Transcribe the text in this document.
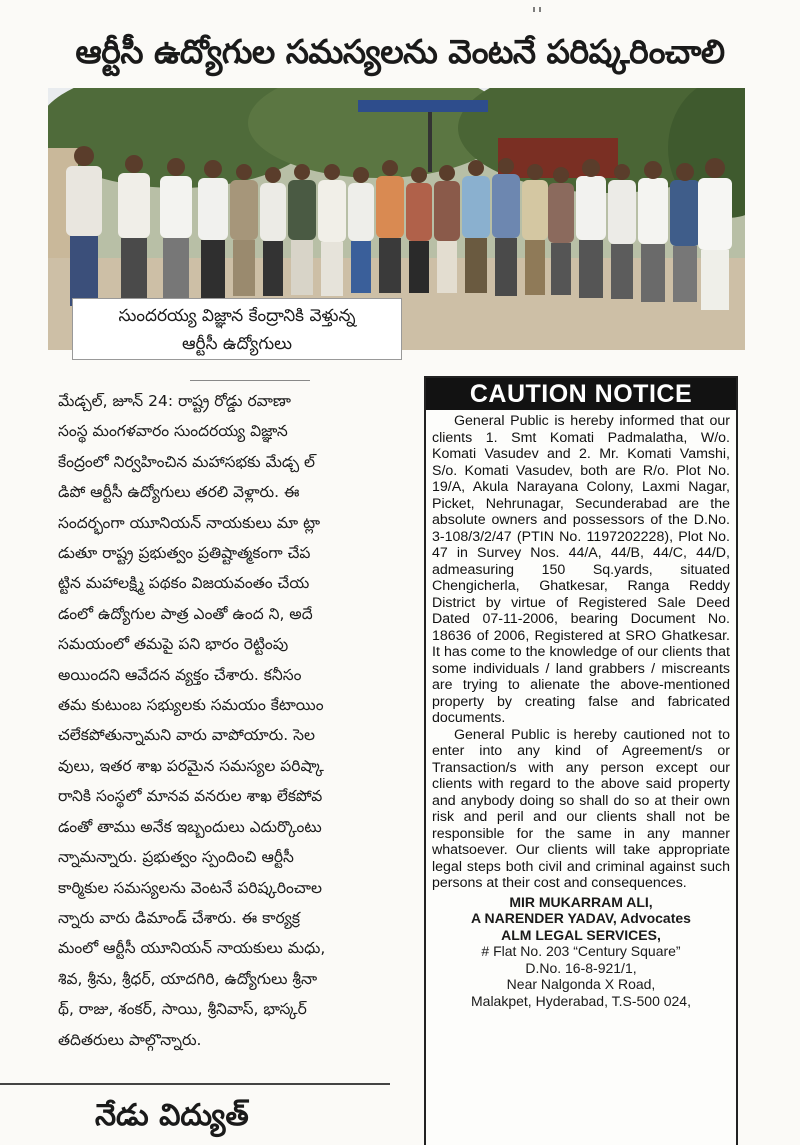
ఆర్టీసీ ఉద్యోగుల సమస్యలను వెంటనే పరిష్కరించాలి
సుందరయ్య విజ్ఞాన కేంద్రానికి వెళ్తున్న
ఆర్టీసీ ఉద్యోగులు

మేడ్చల్, జూన్ 24: రాష్ట్ర రోడ్డు రవాణా

సంస్థ మంగళవారం సుందరయ్య విజ్ఞాన

కేంద్రంలో నిర్వహించిన మహాసభకు మేడ్చ ల్

డిపో ఆర్టీసీ ఉద్యోగులు తరలి వెళ్లారు. ఈ

సందర్భంగా యూనియన్ నాయకులు మా ట్లా

డుతూ రాష్ట్ర ప్రభుత్వం ప్రతిష్టాత్మకంగా చేప

ట్టిన మహాలక్ష్మి పథకం విజయవంతం చేయ

డంలో ఉద్యోగుల పాత్ర ఎంతో ఉంద ని, అదే

సమయంలో తమపై పని భారం రెట్టింపు

అయిందని ఆవేదన వ్యక్తం చేశారు. కనీసం

తమ కుటుంబ సభ్యులకు సమయం కేటాయిం

చలేకపోతున్నామని వారు వాపోయారు. సెల

వులు, ఇతర శాఖ పరమైన సమస్యల పరిష్కా

రానికి సంస్థలో మానవ వనరుల శాఖ లేకపోవ

డంతో తాము అనేక ఇబ్బందులు ఎదుర్కొంటు

న్నామన్నారు. ప్రభుత్వం స్పందించి ఆర్టీసీ

కార్మికుల సమస్యలను వెంటనే పరిష్కరించాల

న్నారు వారు డిమాండ్ చేశారు. ఈ కార్యక్ర

మంలో ఆర్టీసీ యూనియన్ నాయకులు మధు,

శివ, శ్రీను, శ్రీధర్, యాదగిరి, ఉద్యోగులు శ్రీనా

థ్, రాజు, శంకర్, సాయి, శ్రీనివాస్, భాస్కర్

తదితరులు పాల్గొన్నారు.

నేడు విద్యుత్
CAUTION NOTICE

General Public is hereby informed that our clients 1. Smt Komati Padmalatha, W/o. Komati Vasudev and 2. Mr. Komati Vamshi, S/o. Komati Vasudev, both are R/o. Plot No. 19/A, Akula Narayana Colony, Laxmi Nagar, Picket, Nehrunagar, Secunderabad are the absolute owners and possessors of the D.No. 3-108/3/2/47 (PTIN No. 1197202228), Plot No. 47 in Survey Nos. 44/A, 44/B, 44/C, 44/D, admeasuring 150 Sq.yards, situated Chengicherla, Ghatkesar, Ranga Reddy District by virtue of Registered Sale Deed Dated 07-11-2006, bearing Document No. 18636 of 2006, Registered at SRO Ghatkesar. It has come to the knowledge of our clients that some individuals / land grabbers / miscreants are trying to alienate the above-mentioned property by creating false and fabricated documents.

General Public is hereby cautioned not to enter into any kind of Agreement/s or Transaction/s with any person except our clients with regard to the above said property and anybody doing so shall do so at their own risk and peril and our clients shall not be responsible for the same in any manner whatsoever. Our clients will take appropriate legal steps both civil and criminal against such persons at their cost and consequences.

MIR MUKARRAM ALI,
A NARENDER YADAV, Advocates
ALM LEGAL SERVICES,
# Flat No. 203 “Century Square”
D.No. 16-8-921/1,
Near Nalgonda X Road,
Malakpet, Hyderabad, T.S-500 024,
